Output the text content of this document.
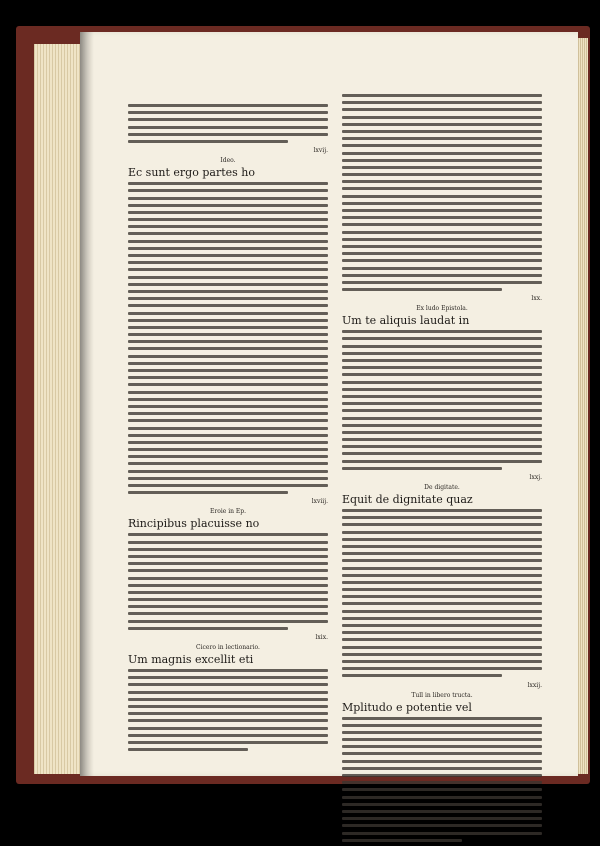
lxvij.
Ideo.
Ec sunt ergo partes ho
lxviij.
Eroie in Ep.
Rincipibus placuisse no
lxix.
Cicero in lectionario.
Um magnis excellit eti
lxx.
Ex ludo Epistola.
Um te aliquis laudat in
lxxj.
De digitate.
Equit de dignitate quaz
lxxij.
Tull in libero tructa.
Mplitudo e potentie vel
